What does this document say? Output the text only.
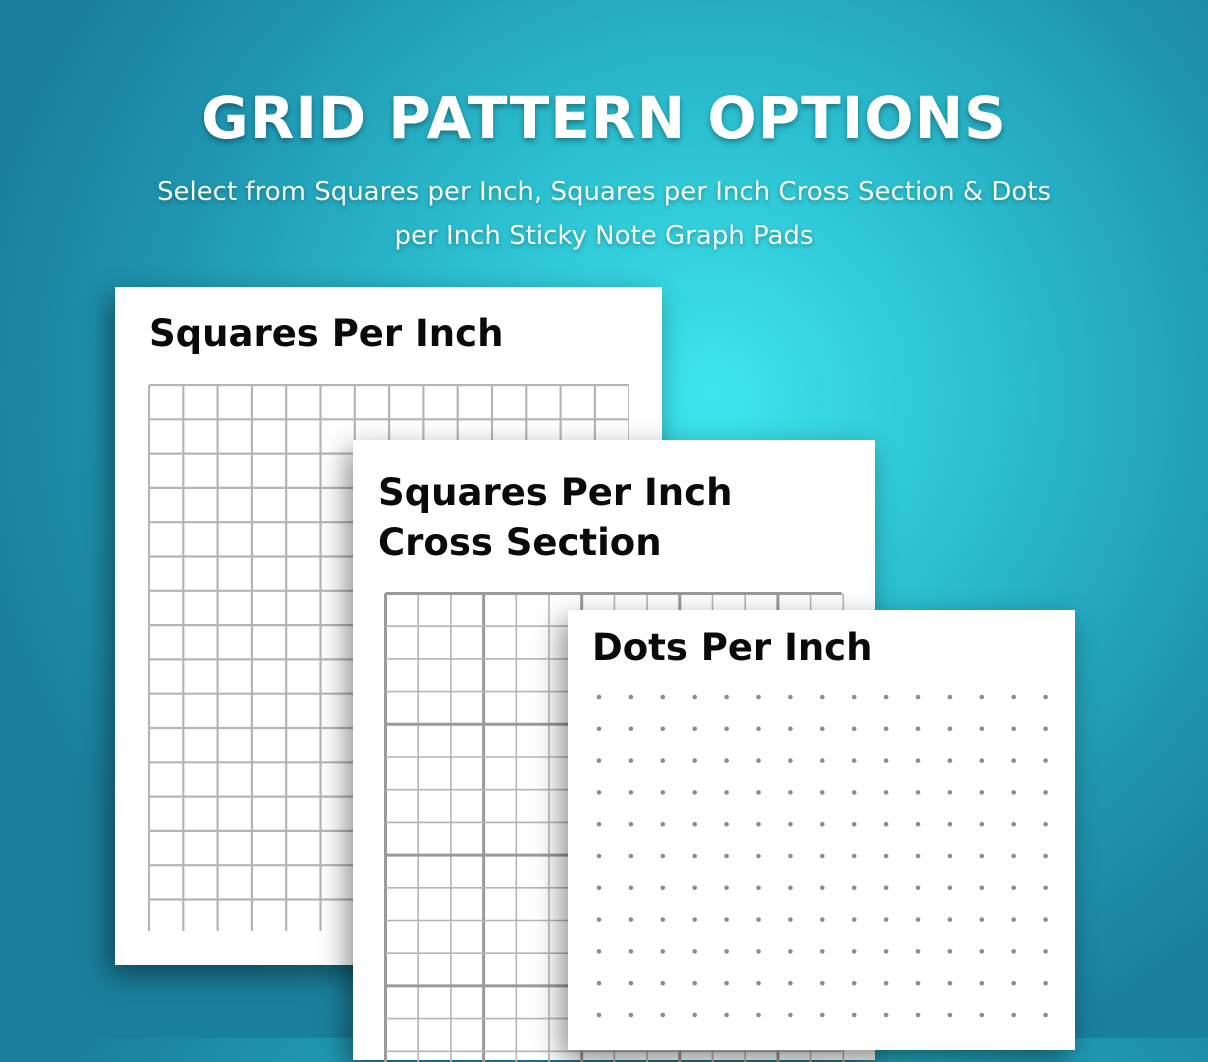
GRID PATTERN OPTIONS

Select from Squares per Inch, Squares per Inch Cross Section & Dots per Inch Sticky Note Graph Pads

Squares Per Inch
Squares Per Inch
Cross Section
Dots Per Inch
